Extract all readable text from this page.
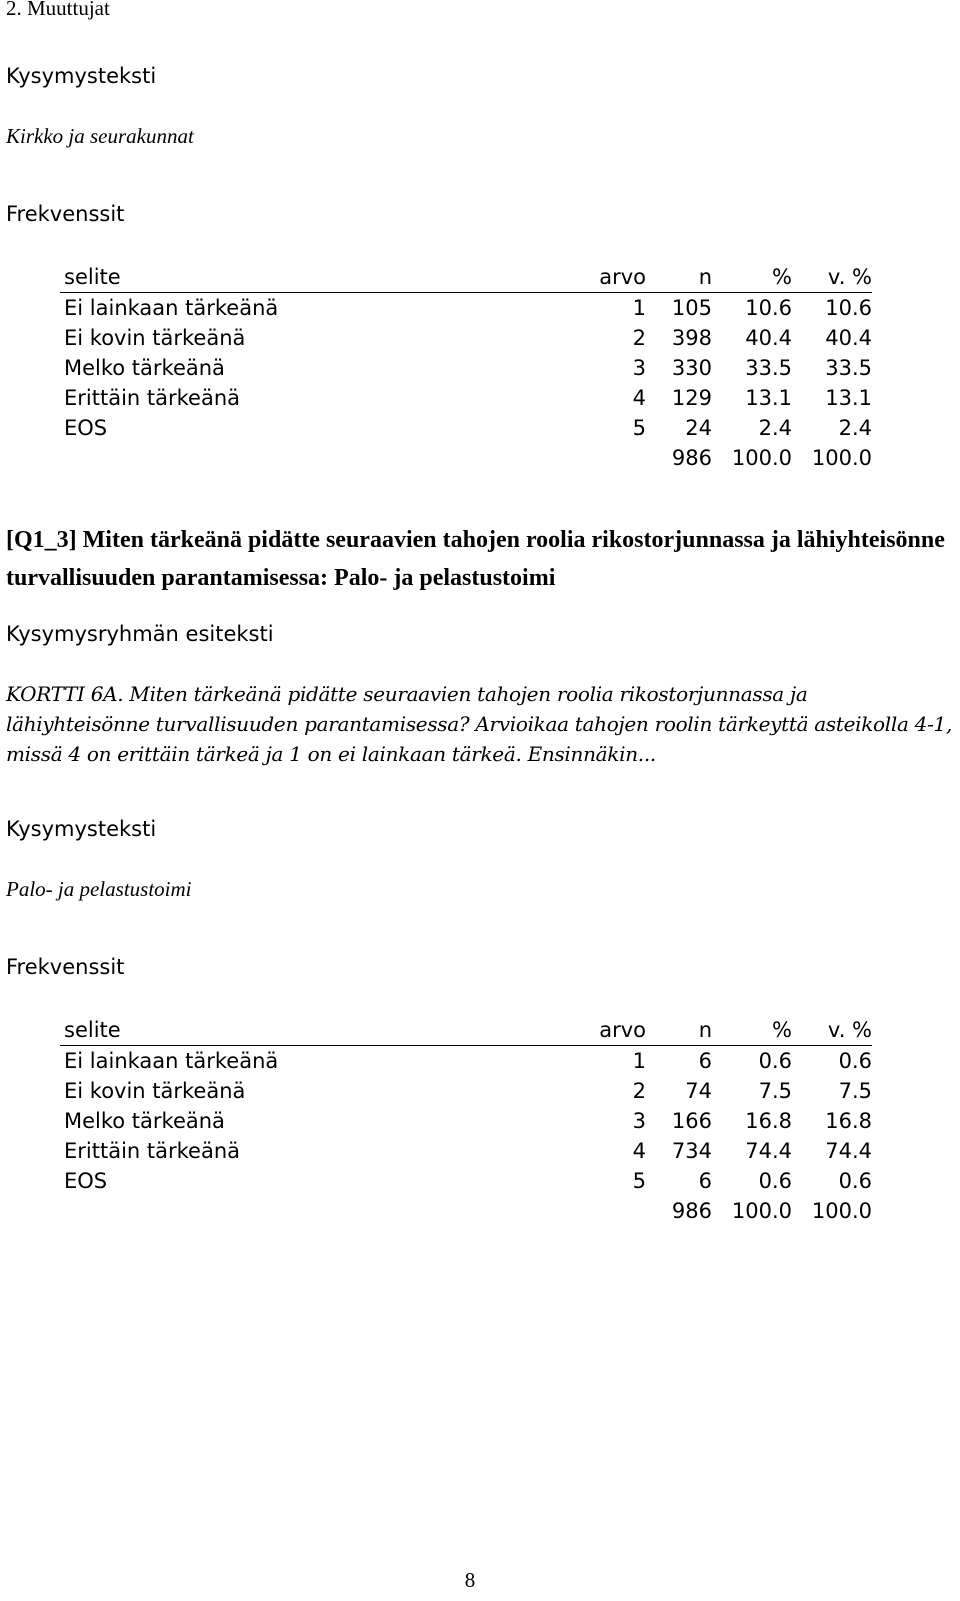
2. Muuttujat
Kysymysteksti
Kirkko ja seurakunnat
Frekvenssit
selite	arvo	n	%	v. %
Ei lainkaan tärkeänä	1	105	10.6	10.6
Ei kovin tärkeänä	2	398	40.4	40.4
Melko tärkeänä	3	330	33.5	33.5
Erittäin tärkeänä	4	129	13.1	13.1
EOS	5	24	2.4	2.4
		986	100.0	100.0
[Q1_3] Miten tärkeänä pidätte seuraavien tahojen roolia rikostorjunnassa ja lähiyhteisönne turvallisuuden parantamisessa: Palo- ja pelastustoimi
Kysymysryhmän esiteksti
KORTTI 6A. Miten tärkeänä pidätte seuraavien tahojen roolia rikostorjunnassa ja lähiyhteisönne turvallisuuden parantamisessa? Arvioikaa tahojen roolin tärkeyttä asteikolla 4-1, missä 4 on erittäin tärkeä ja 1 on ei lainkaan tärkeä. Ensinnäkin...
Kysymysteksti
Palo- ja pelastustoimi
Frekvenssit
selite	arvo	n	%	v. %
Ei lainkaan tärkeänä	1	6	0.6	0.6
Ei kovin tärkeänä	2	74	7.5	7.5
Melko tärkeänä	3	166	16.8	16.8
Erittäin tärkeänä	4	734	74.4	74.4
EOS	5	6	0.6	0.6
		986	100.0	100.0
8
